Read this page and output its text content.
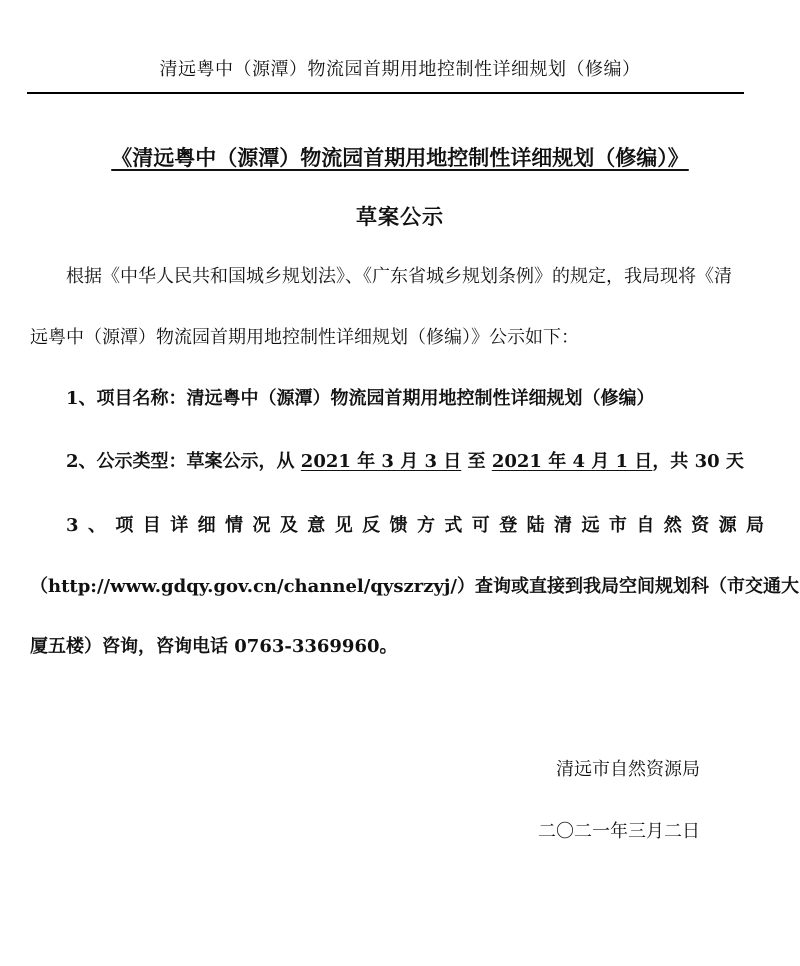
清远粤中（源潭）物流园首期用地控制性详细规划（修编）
《清远粤中（源潭）物流园首期用地控制性详细规划（修编）》
草案公示
根据《中华人民共和国城乡规划法》、《广东省城乡规划条例》的规定，我局现将《清
远粤中（源潭）物流园首期用地控制性详细规划（修编）》公示如下：
1、项目名称：清远粤中（源潭）物流园首期用地控制性详细规划（修编）
2、公示类型：草案公示，从 2021 年 3 月 3 日 至 2021 年 4 月 1 日，共 30 天
3、项目详细情况及意见反馈方式可登陆清远市自然资源局
（http://www.gdqy.gov.cn/channel/qyszrzyj/）查询或直接到我局空间规划科（市交通大
厦五楼）咨询，咨询电话 0763-3369960。
清远市自然资源局
二〇二一年三月二日
